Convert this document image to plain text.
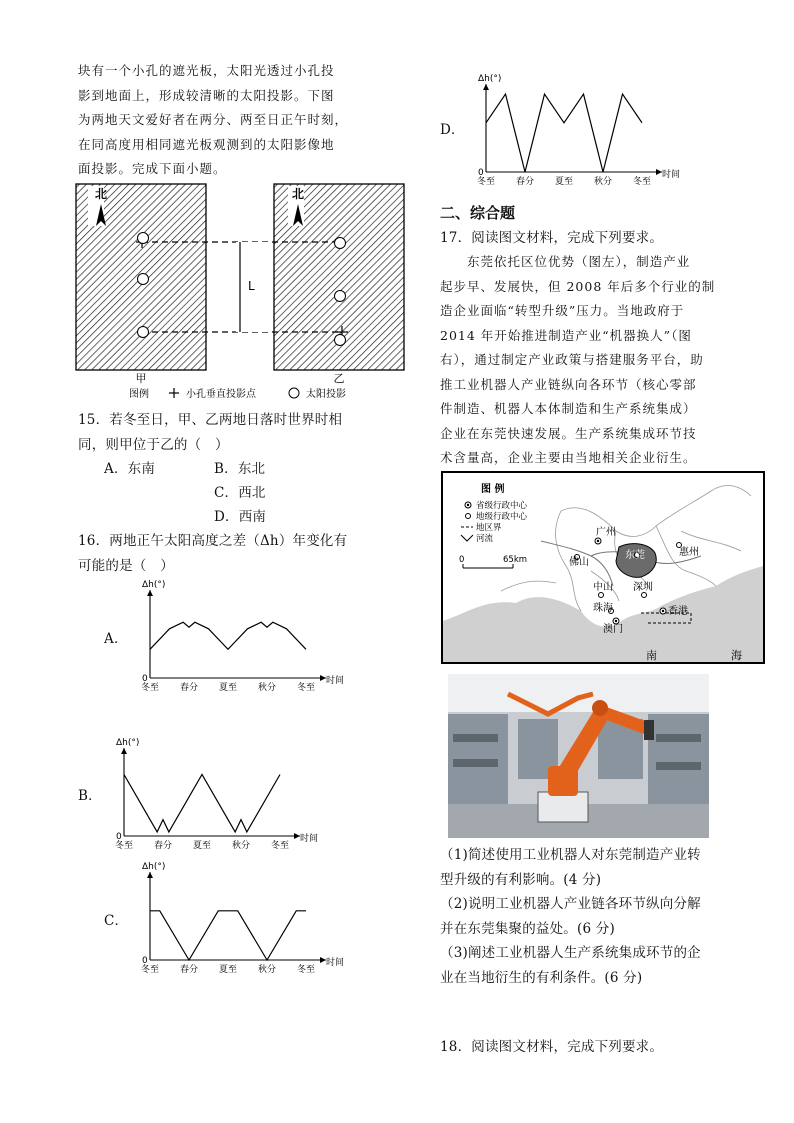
块有一个小孔的遮光板，太阳光透过小孔投
影到地面上，形成较清晰的太阳投影。下图
为两地天文爱好者在两分、两至日正午时刻，
在同高度用相同遮光板观测到的太阳影像地
面投影。完成下面小题。
北	北
L
甲	乙
图例	小孔垂直投影点	太阳投影
15．若冬至日，甲、乙两地日落时世界时相
同，则甲位于乙的（　）
A．东南	B．东北
C．西北
D．西南
16．两地正午太阳高度之差（Δh）年变化有
可能的是（　）
A．
B．
C．
D．
Δh(°)
时间
0
冬至 春分 夏至 秋分 冬至
Δh(°)
时间
0
冬至 春分 夏至 秋分 冬至
Δh(°)
时间
0
冬至 春分 夏至 秋分 冬至
Δh(°)
时间
0
冬至 春分 夏至 秋分 冬至
二、综合题
17．阅读图文材料，完成下列要求。
　　东莞依托区位优势（图左），制造产业
起步早、发展快，但 2008 年后多个行业的制
造企业面临“转型升级”压力。当地政府于
2014 年开始推进制造产业“机器换人”（图
右），通过制定产业政策与搭建服务平台，助
推工业机器人产业链纵向各环节（核心零部
件制造、机器人本体制造和生产系统集成）
企业在东莞快速发展。生产系统集成环节技
术含量高，企业主要由当地相关企业衍生。
图 例
省级行政中心
地级行政中心
地区界
河流
0	65km
广州
佛山
东莞	惠州
深圳
中山
珠海	香港
澳门
南	海
（1)简述使用工业机器人对东莞制造产业转
型升级的有利影响。(4 分)
（2)说明工业机器人产业链各环节纵向分解
并在东莞集聚的益处。(6 分)
（3)阐述工业机器人生产系统集成环节的企
业在当地衍生的有利条件。(6 分)
18．阅读图文材料，完成下列要求。
